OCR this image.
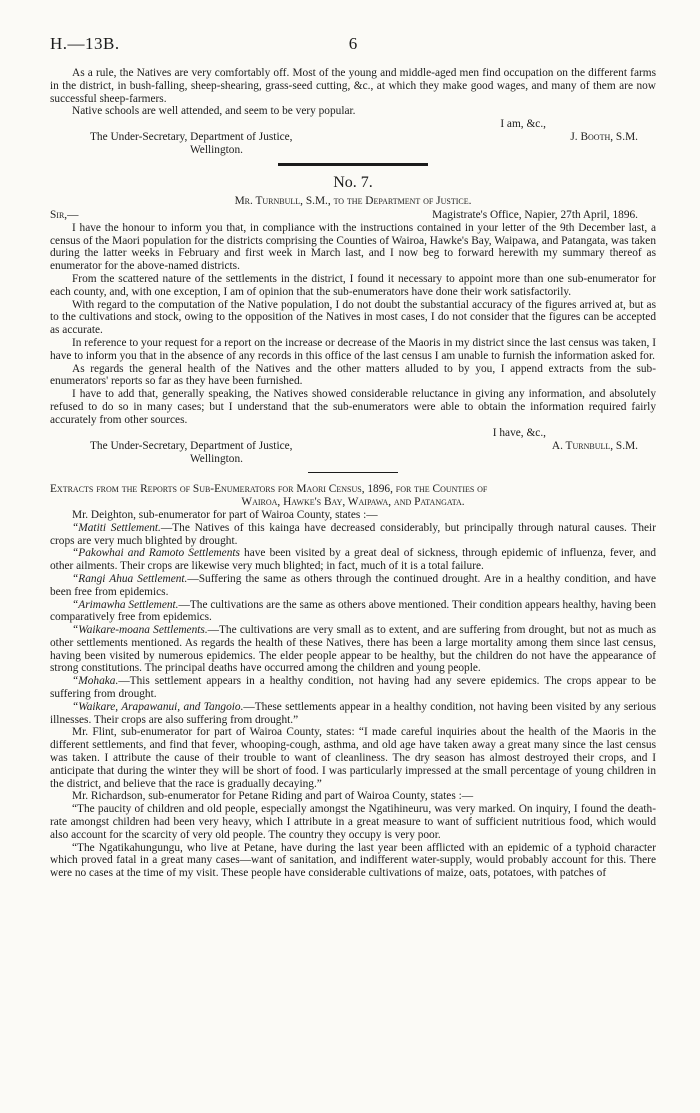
H.—13B.	6

As a rule, the Natives are very comfortably off. Most of the young and middle-aged men find occupation on the different farms in the district, in bush-falling, sheep-shearing, grass-seed cutting, &c., at which they make good wages, and many of them are now successful sheep-farmers.

Native schools are well attended, and seem to be very popular.

I am, &c.,
The Under-Secretary, Department of Justice,	J. Booth, S.M.
Wellington.
No. 7.
Mr. Turnbull, S.M., to the Department of Justice.
Sir,—	Magistrate's Office, Napier, 27th April, 1896.

I have the honour to inform you that, in compliance with the instructions contained in your letter of the 9th December last, a census of the Maori population for the districts comprising the Counties of Wairoa, Hawke's Bay, Waipawa, and Patangata, was taken during the latter weeks in February and first week in March last, and I now beg to forward herewith my summary thereof as enumerator for the above-named districts.

From the scattered nature of the settlements in the district, I found it necessary to appoint more than one sub-enumerator for each county, and, with one exception, I am of opinion that the sub-enumerators have done their work satisfactorily.

With regard to the computation of the Native population, I do not doubt the substantial accuracy of the figures arrived at, but as to the cultivations and stock, owing to the opposition of the Natives in most cases, I do not consider that the figures can be accepted as accurate.

In reference to your request for a report on the increase or decrease of the Maoris in my district since the last census was taken, I have to inform you that in the absence of any records in this office of the last census I am unable to furnish the information asked for.

As regards the general health of the Natives and the other matters alluded to by you, I append extracts from the sub-enumerators' reports so far as they have been furnished.

I have to add that, generally speaking, the Natives showed considerable reluctance in giving any information, and absolutely refused to do so in many cases; but I understand that the sub-enumerators were able to obtain the information required fairly accurately from other sources.

I have, &c.,
The Under-Secretary, Department of Justice,	A. Turnbull, S.M.
Wellington.
Extracts from the Reports of Sub-Enumerators for Maori Census, 1896, for the Counties of
Wairoa, Hawke's Bay, Waipawa, and Patangata.

Mr. Deighton, sub-enumerator for part of Wairoa County, states :—

“Matiti Settlement.—The Natives of this kainga have decreased considerably, but principally through natural causes. Their crops are very much blighted by drought.

“Pakowhai and Ramoto Settlements have been visited by a great deal of sickness, through epidemic of influenza, fever, and other ailments. Their crops are likewise very much blighted; in fact, much of it is a total failure.

“Rangi Ahua Settlement.—Suffering the same as others through the continued drought. Are in a healthy condition, and have been free from epidemics.

“Arimawha Settlement.—The cultivations are the same as others above mentioned. Their condition appears healthy, having been comparatively free from epidemics.

“Waikare-moana Settlements.—The cultivations are very small as to extent, and are suffering from drought, but not as much as other settlements mentioned. As regards the health of these Natives, there has been a large mortality among them since last census, having been visited by numerous epidemics. The elder people appear to be healthy, but the children do not have the appearance of strong constitutions. The principal deaths have occurred among the children and young people.

“Mohaka.—This settlement appears in a healthy condition, not having had any severe epidemics. The crops appear to be suffering from drought.

“Waikare, Arapawanui, and Tangoio.—These settlements appear in a healthy condition, not having been visited by any serious illnesses. Their crops are also suffering from drought.”

Mr. Flint, sub-enumerator for part of Wairoa County, states: “I made careful inquiries about the health of the Maoris in the different settlements, and find that fever, whooping-cough, asthma, and old age have taken away a great many since the last census was taken. I attribute the cause of their trouble to want of cleanliness. The dry season has almost destroyed their crops, and I anticipate that during the winter they will be short of food. I was particularly impressed at the small percentage of young children in the district, and believe that the race is gradually decaying.”

Mr. Richardson, sub-enumerator for Petane Riding and part of Wairoa County, states :—

“The paucity of children and old people, especially amongst the Ngatihineuru, was very marked. On inquiry, I found the death-rate amongst children had been very heavy, which I attribute in a great measure to want of sufficient nutritious food, which would also account for the scarcity of very old people. The country they occupy is very poor.

“The Ngatikahungungu, who live at Petane, have during the last year been afflicted with an epidemic of a typhoid character which proved fatal in a great many cases—want of sanitation, and indifferent water-supply, would probably account for this. There were no cases at the time of my visit. These people have considerable cultivations of maize, oats, potatoes, with patches of
